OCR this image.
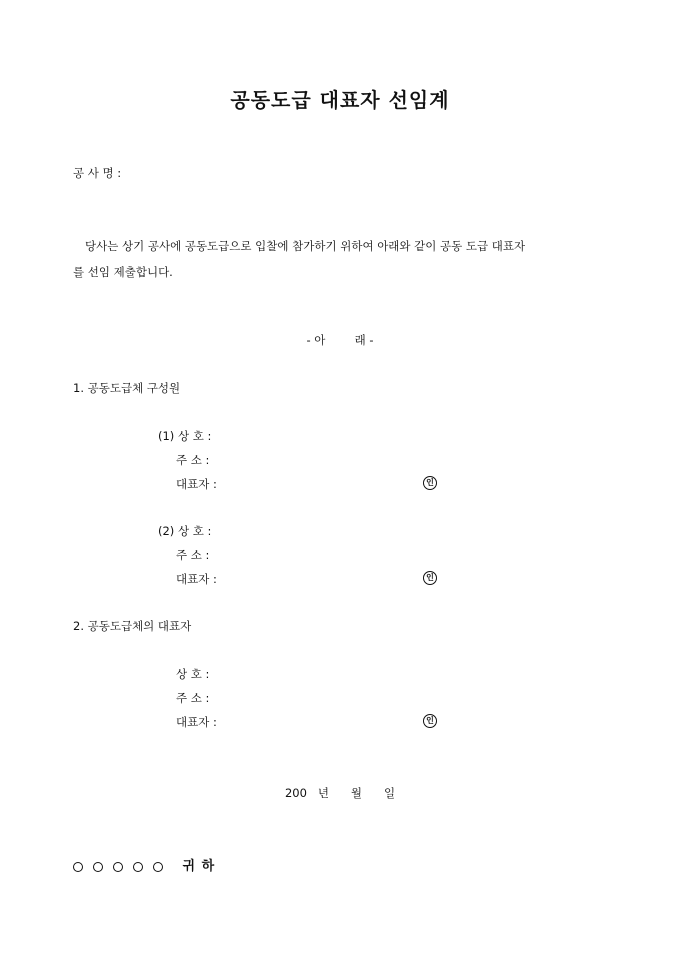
공동도급 대표자 선임계
공 사 명 :
당사는 상기 공사에 공동도급으로 입찰에 참가하기 위하여 아래와 같이 공동 도급 대표자
를 선임 제출합니다.
- 아        래 -
1. 공동도급체 구성원
(1) 상 호 :
주 소 :
대표자 :	인
(2) 상 호 :
주 소 :
대표자 :	인
2. 공동도급체의 대표자
상 호 :
주 소 :
대표자 :	인
200   년      월      일
귀 하
